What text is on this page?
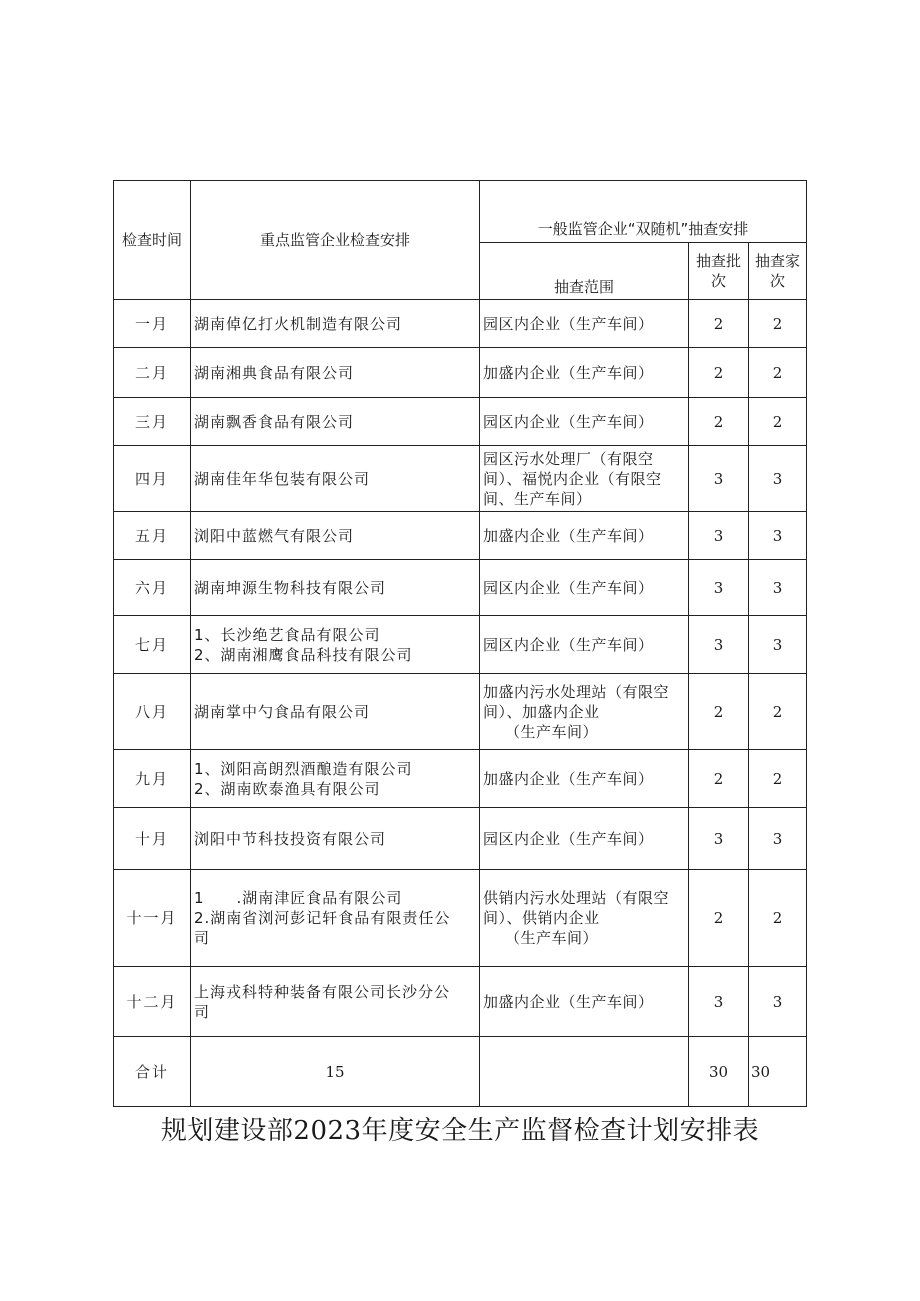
检查时间	重点监管企业检查安排	一般监管企业“双随机”抽查安排		
		抽查范围	抽查批次	抽查家次
一月	湖南倬亿打火机制造有限公司	园区内企业（生产车间）	2	2
二月	湖南湘典食品有限公司	加盛内企业（生产车间）	2	2
三月	湖南飘香食品有限公司	园区内企业（生产车间）	2	2
四月	湖南佳年华包装有限公司	园区污水处理厂（有限空
间）、福悦内企业（有限空
间、生产车间）	3	3
五月	浏阳中蓝燃气有限公司	加盛内企业（生产车间）	3	3
六月	湖南坤源生物科技有限公司	园区内企业（生产车间）	3	3
七月	1、长沙绝艺食品有限公司
2、湖南湘鹰食品科技有限公司	园区内企业（生产车间）	3	3
八月	湖南掌中勺食品有限公司	加盛内污水处理站（有限空
间）、加盛内企业
（生产车间）	2	2
九月	1、浏阳高朗烈酒酿造有限公司
2、湖南欧泰渔具有限公司	加盛内企业（生产车间）	2	2
十月	浏阳中节科技投资有限公司	园区内企业（生产车间）	3	3
十一月	1　　.湖南津匠食品有限公司
2.湖南省浏河彭记轩食品有限责任公
司	供销内污水处理站（有限空
间）、供销内企业
（生产车间）	2	2
十二月	上海戎科特种装备有限公司长沙分公
司	加盛内企业（生产车间）	3	3
合计	15		30	30
规划建设部2023年度安全生产监督检查计划安排表
